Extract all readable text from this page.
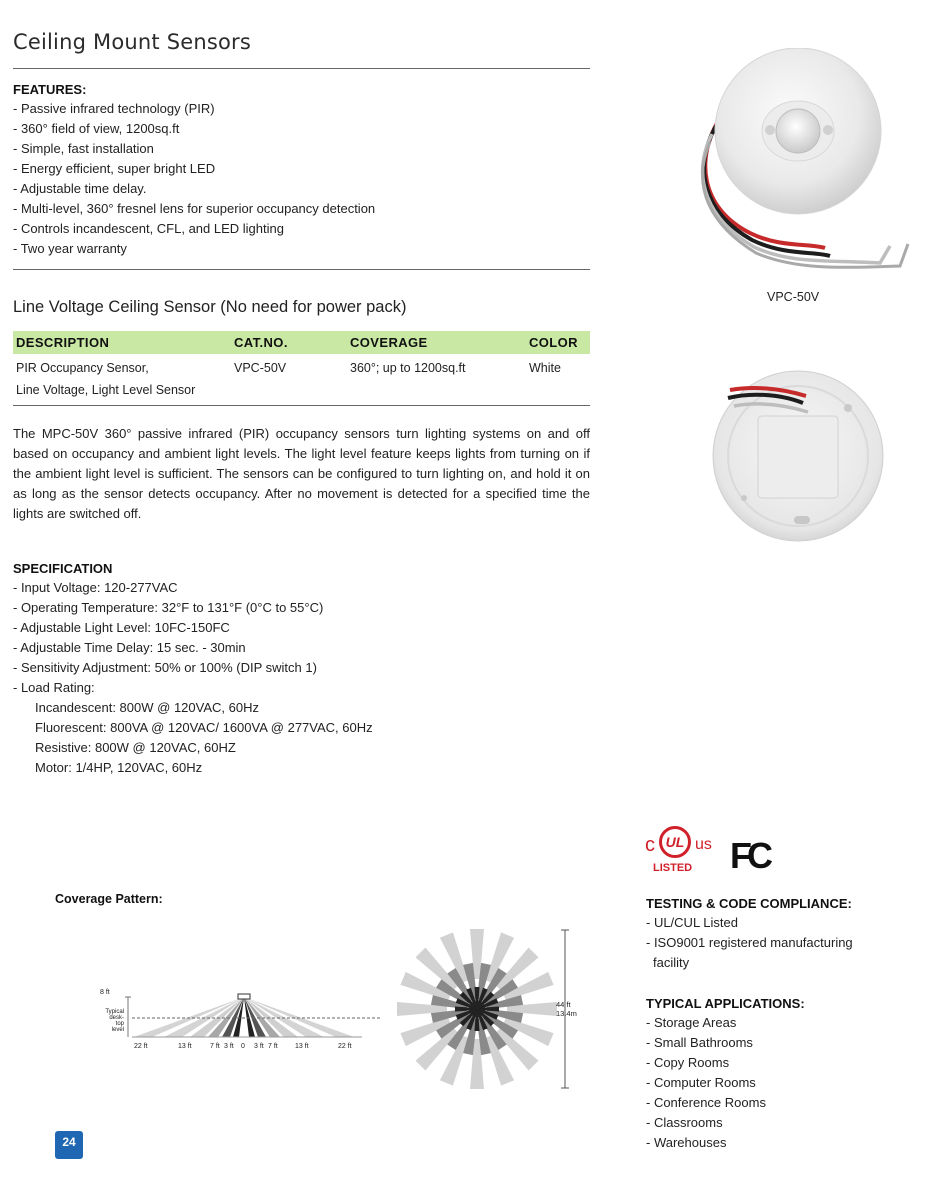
Ceiling Mount Sensors
FEATURES:
- Passive infrared technology (PIR)
- 360° field of view, 1200sq.ft
- Simple, fast installation
- Energy efficient, super bright LED
- Adjustable time delay.
- Multi-level, 360° fresnel lens for superior occupancy detection
- Controls incandescent, CFL, and LED lighting
- Two year warranty
Line Voltage Ceiling Sensor (No need for power pack)
DESCRIPTION	CAT.NO.	COVERAGE	COLOR

PIR Occupancy Sensor,
Line Voltage, Light Level Sensor	VPC-50V	360°; up to 1200sq.ft	White
The MPC-50V 360° passive infrared (PIR) occupancy sensors turn lighting systems on and off based on occupancy and ambient light levels. The light level feature keeps lights from turning on if the ambient light level is sufficient. The sensors can be configured to turn lighting on, and hold it on as long as the sensor detects occupancy. After no movement is detected for a specified time the lights are switched off.
SPECIFICATION
- Input Voltage: 120-277VAC
- Operating Temperature: 32°F to 131°F (0°C to 55°C)
- Adjustable Light Level: 10FC-150FC
- Adjustable Time Delay: 15 sec. - 30min
- Sensitivity Adjustment: 50% or 100% (DIP switch 1)
- Load Rating:
Incandescent: 800W @ 120VAC, 60Hz
Fluorescent: 800VA @ 120VAC/ 1600VA @ 277VAC, 60Hz
Resistive: 800W @ 120VAC, 60HZ
Motor: 1/4HP, 120VAC, 60Hz
VPC-50V
Coverage Pattern:
8 ft
Typical
desk-top
level
22 ft	13 ft	7 ft 3 ft 0 3 ft 7 ft 13 ft	22 ft
44 ft
13.4m
c UL us
LISTED FC
TESTING & CODE COMPLIANCE:
- UL/CUL Listed
- ISO9001 registered manufacturing
facility
TYPICAL APPLICATIONS:
- Storage Areas
- Small Bathrooms
- Copy Rooms
- Computer Rooms
- Conference Rooms
- Classrooms
- Warehouses
24
